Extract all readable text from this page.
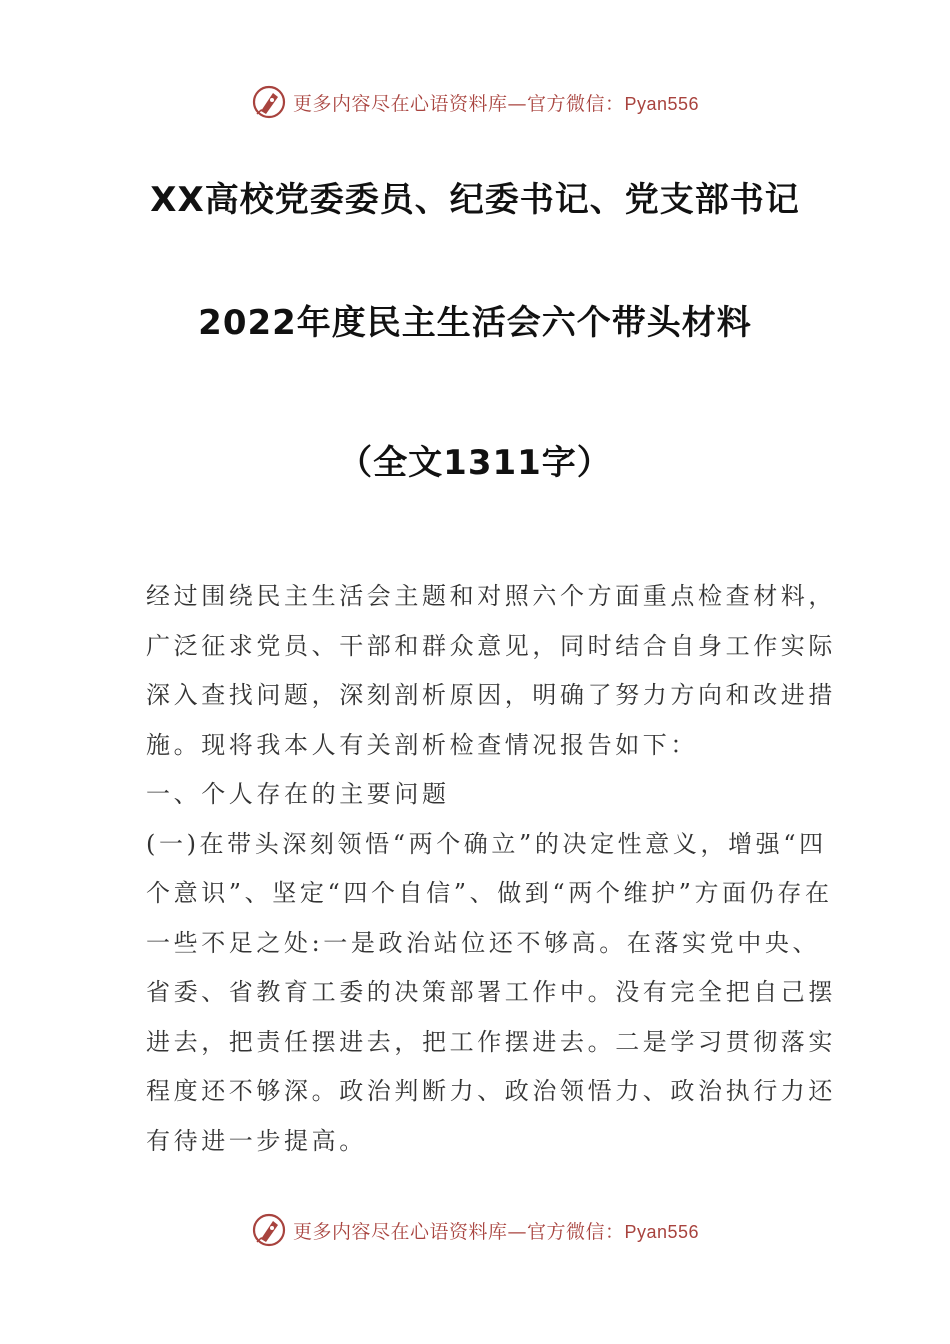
更多内容尽在心语资料库—官方微信：Pyan556
XX高校党委委员、纪委书记、党支部书记
2022年度民主生活会六个带头材料
（全文1311字）

经过围绕民主生活会主题和对照六个方面重点检查材料，广泛征求党员、干部和群众意见，同时结合自身工作实际深入查找问题，深刻剖析原因，明确了努力方向和改进措施。现将我本人有关剖析检查情况报告如下：

一、个人存在的主要问题

(一)在带头深刻领悟“两个确立”的决定性意义，增强“四个意识”、坚定“四个自信”、做到“两个维护”方面仍存在一些不足之处:一是政治站位还不够高。在落实党中央、省委、省教育工委的决策部署工作中。没有完全把自己摆进去，把责任摆进去，把工作摆进去。二是学习贯彻落实程度还不够深。政治判断力、政治领悟力、政治执行力还有待进一步提高。

更多内容尽在心语资料库—官方微信：Pyan556
